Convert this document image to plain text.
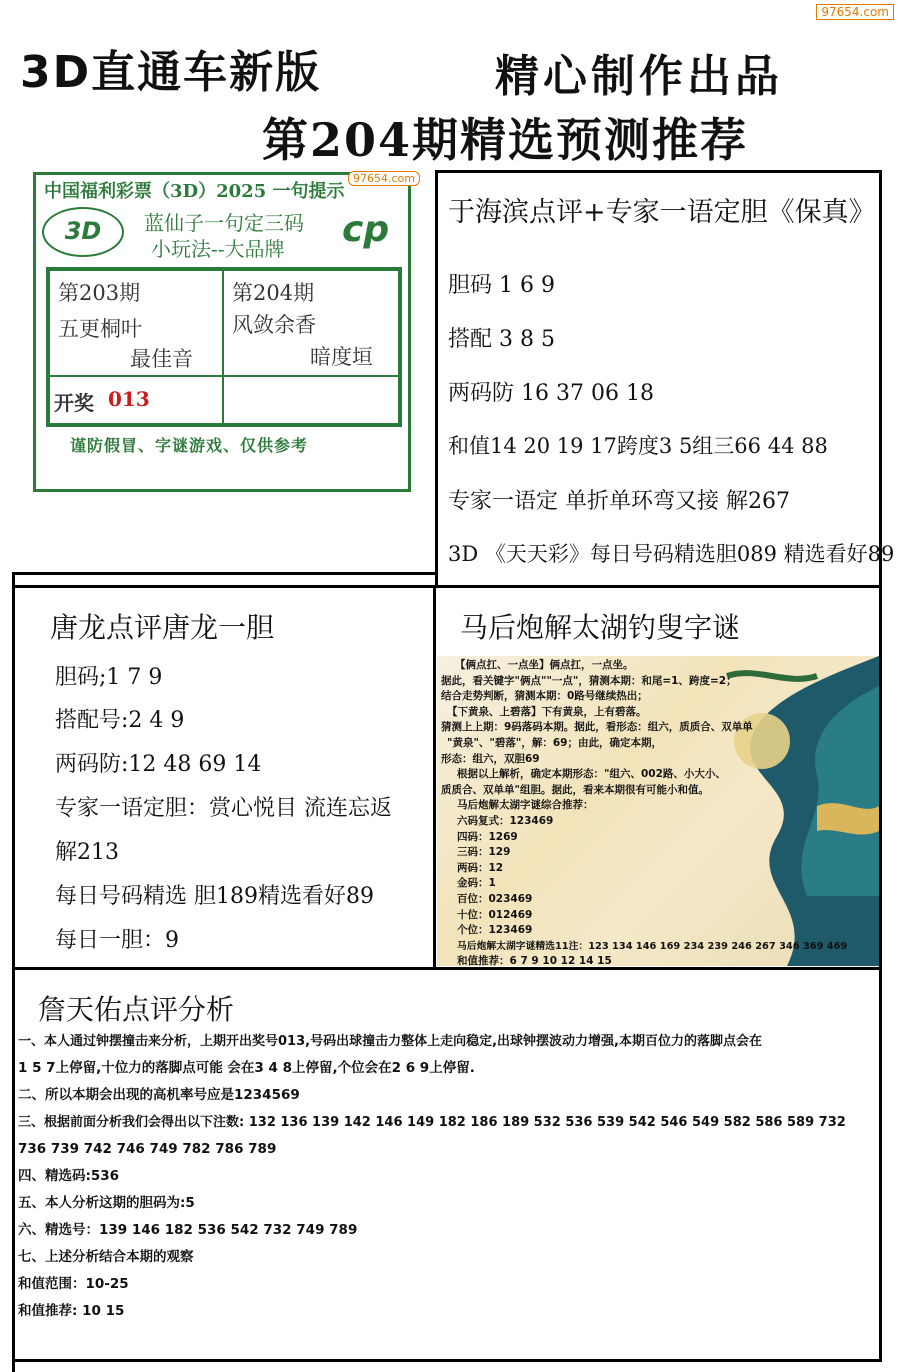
97654.com
3D直通车新版	精心制作出品
第204期精选预测推荐
中国福利彩票（3D）2025 一句提示
97654.com
3D	cp
蓝仙子一句定三码
小玩法--大品牌
第203期
五更桐叶
最佳音
第204期
风敛余香
暗度垣
开奖 013
谨防假冒、字谜游戏、仅供参考
于海滨点评+专家一语定胆《保真》
胆码 1 6 9
搭配 3 8 5
两码防 16 37 06 18
和值14 20 19 17跨度3 5组三66 44 88
专家一语定 单折单环弯又接 解267
3D 《天天彩》每日号码精选胆089 精选看好89
唐龙点评唐龙一胆
胆码;1 7 9
搭配号:2 4 9
两码防:12 48 69 14
专家一语定胆：赏心悦目 流连忘返
解213
每日号码精选 胆189精选看好89
每日一胆：9
马后炮解太湖钓叟字谜
【俩点扛、一点坐】俩点扛，一点坐。
据此，看关键字"俩点""一点"，猜测本期：和尾=1、跨度=2；
结合走势判断，猜测本期：0路号继续热出；
【下黄泉、上碧落】下有黄泉，上有碧落。
猜测上上期：9码落码本期。据此，看形态：组六，质质合、双单单
"黄泉"、"碧落"，解：69；由此，确定本期，
形态：组六，双胆69
根据以上解析，确定本期形态："组六、002路、小大小、
质质合、双单单"组胆。据此，看来本期很有可能小和值。
马后炮解太湖字谜综合推荐：
六码复式：123469
四码：1269
三码：129
两码：12
金码：1
百位：023469
十位：012469
个位：123469
马后炮解太湖字谜精选11注：123 134 146 169 234 239 246 267 346 369 469
和值推荐：6 7 9 10 12 14 15
詹天佑点评分析
一、本人通过钟摆撞击来分析，上期开出奖号013,号码出球撞击力整体上走向稳定,出球钟摆波动力增强,本期百位力的落脚点会在
1 5 7上停留,十位力的落脚点可能 会在3 4 8上停留,个位会在2 6 9上停留.
二、所以本期会出现的高机率号应是1234569
三、根据前面分析我们会得出以下注数: 132 136 139 142 146 149 182 186 189 532 536 539 542 546 549 582 586 589 732
736 739 742 746 749 782 786 789
四、精选码:536
五、本人分析这期的胆码为:5
六、精选号：139 146 182 536 542 732 749 789
七、上述分析结合本期的观察
和值范围：10-25
和值推荐: 10 15
